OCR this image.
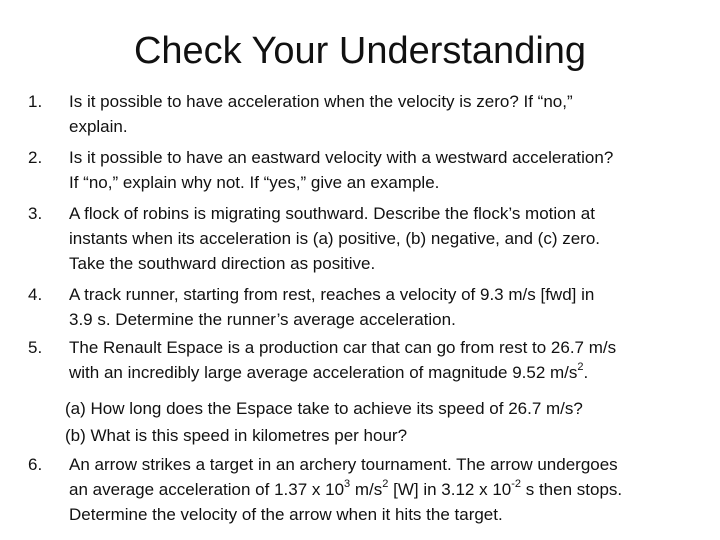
Check Your Understanding
1.	Is it possible to have acceleration when the velocity is zero? If “no,”
explain.
2.	Is it possible to have an eastward velocity with a westward acceleration?
If “no,” explain why not. If “yes,” give an example.
3.	A flock of robins is migrating southward. Describe the flock’s motion at
instants when its acceleration is (a) positive, (b) negative, and (c) zero.
Take the southward direction as positive.
4.	A track runner, starting from rest, reaches a velocity of 9.3 m/s [fwd] in
3.9 s. Determine the runner’s average acceleration.
5.	The Renault Espace is a production car that can go from rest to 26.7 m/s
with an incredibly large average acceleration of magnitude 9.52 $m/s^2$.
(a) How long does the Espace take to achieve its speed of 26.7 m/s?
(b) What is this speed in kilometres per hour?
6.	An arrow strikes a target in an archery tournament. The arrow undergoes
an average acceleration of 1.37 x $10^3$ $m/s^2$ [W] in 3.12 x $10^{-2}$ s then stops.
Determine the velocity of the arrow when it hits the target.
